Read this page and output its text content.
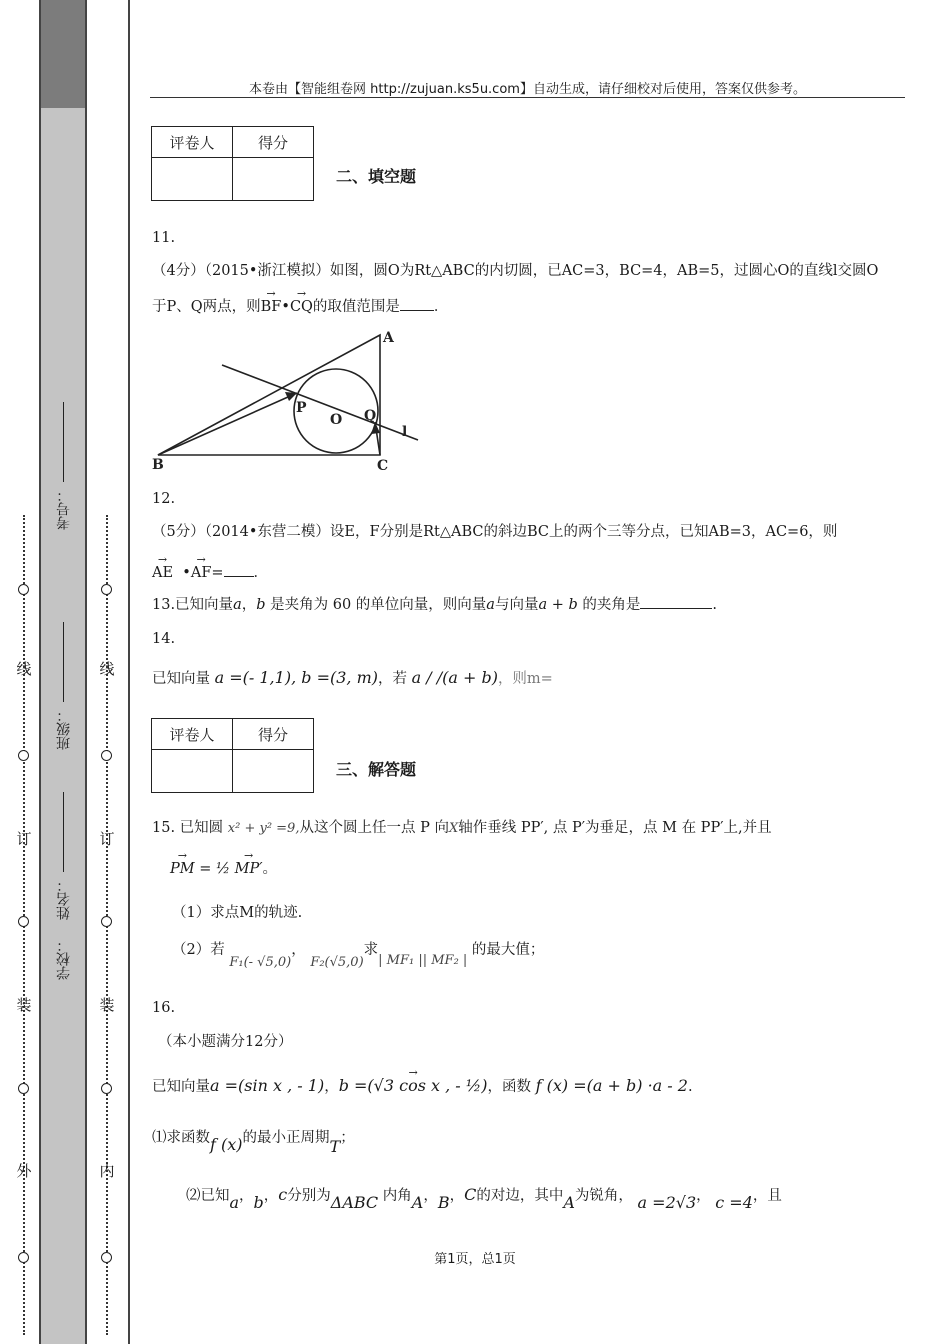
线
订
装
外
线
订
装
内
考号：
班级：
姓名：
学校：
本卷由【智能组卷网 http://zujuan.ks5u.com】自动生成，请仔细校对后使用，答案仅供参考。
评卷人	得分

二、填空题
11.
（4分）（2015•浙江模拟）如图，圆O为Rt△ABC的内切圆，已AC=3，BC=4，AB=5，过圆心O的直线l交圆O
于P、Q两点，则→ BF•→ CQ的取值范围是 ．
A
B	C
P
O Q
l
12.
（5分）（2014•东营二模）设E，F分别是Rt△ABC的斜边BC上的两个三等分点，已知AB=3，AC=6，则
→ AE •→ AF= ．
13.已知向量a，b 是夹角为 60 的单位向量，则向量a与向量a + b 的夹角是	.
14.
已知向量 a =(- 1,1), b =(3, m)，若 a / /(a + b)，则m=
评卷人	得分

三、解答题
15. 已知圆 x² + y² =9,从这个圆上任一点 P 向X轴作垂线 PP′, 点 P′为垂足，点 M 在 PP′上,并且
→ PM = ½ → MP′。
（1）求点M的轨迹.
（2）若 F₁(- √5,0)， F₂(√5,0)求| MF₁ || MF₂ | 的最大值；
16.
（本小题满分12分）
已知向量a =(sin x , - 1)，→ b =(√3 cos x , - ½)，函数 f (x) =(a + b) ·a - 2.
⑴求函数f (x)的最小正周期T；
⑵已知a，b，c分别为ΔABC 内角A，B，C的对边，其中A为锐角， a =2√3， c =4，且
第1页，总1页
